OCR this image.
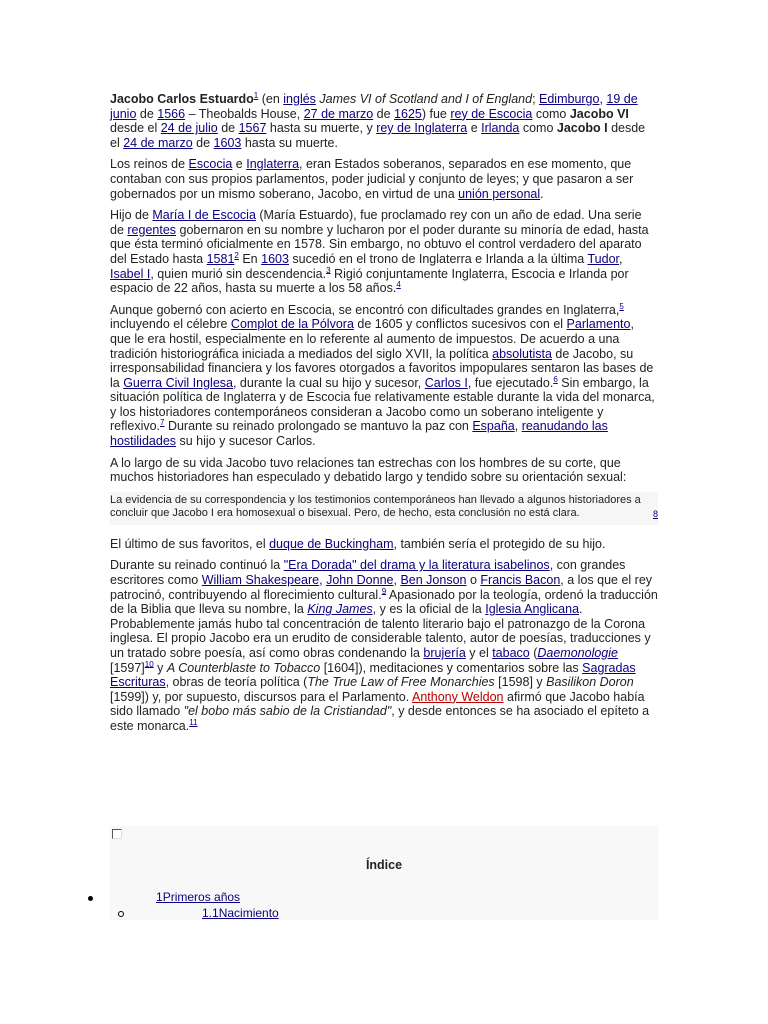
Jacobo Carlos Estuardo$^1$ (en inglés James VI of Scotland and I of England; Edimburgo, 19 de junio de 1566 – Theobalds House, 27 de marzo de 1625) fue rey de Escocia como Jacobo VI desde el 24 de julio de 1567 hasta su muerte, y rey de Inglaterra e Irlanda como Jacobo I desde el 24 de marzo de 1603 hasta su muerte.

Los reinos de Escocia e Inglaterra, eran Estados soberanos, separados en ese momento, que contaban con sus propios parlamentos, poder judicial y conjunto de leyes; y que pasaron a ser gobernados por un mismo soberano, Jacobo, en virtud de una unión personal.

Hijo de María I de Escocia (María Estuardo), fue proclamado rey con un año de edad. Una serie de regentes gobernaron en su nombre y lucharon por el poder durante su minoría de edad, hasta que ésta terminó oficialmente en 1578. Sin embargo, no obtuvo el control verdadero del aparato del Estado hasta 1581$^2$ En 1603 sucedió en el trono de Inglaterra e Irlanda a la última Tudor, Isabel I, quien murió sin descendencia.$^3$ Rigió conjuntamente Inglaterra, Escocia e Irlanda por espacio de 22 años, hasta su muerte a los 58 años.$^4$

Aunque gobernó con acierto en Escocia, se encontró con dificultades grandes en Inglaterra,$^5$ incluyendo el célebre Complot de la Pólvora de 1605 y conflictos sucesivos con el Parlamento, que le era hostil, especialmente en lo referente al aumento de impuestos. De acuerdo a una tradición historiográfica iniciada a mediados del siglo XVII, la política absolutista de Jacobo, su irresponsabilidad financiera y los favores otorgados a favoritos impopulares sentaron las bases de la Guerra Civil Inglesa, durante la cual su hijo y sucesor, Carlos I, fue ejecutado.$^6$ Sin embargo, la situación política de Inglaterra y de Escocia fue relativamente estable durante la vida del monarca, y los historiadores contemporáneos consideran a Jacobo como un soberano inteligente y reflexivo.$^7$ Durante su reinado prolongado se mantuvo la paz con España, reanudando las hostilidades su hijo y sucesor Carlos.

A lo largo de su vida Jacobo tuvo relaciones tan estrechas con los hombres de su corte, que muchos historiadores han especulado y debatido largo y tendido sobre su orientación sexual:

La evidencia de su correspondencia y los testimonios contemporáneos han llevado a algunos historiadores a concluir que Jacobo I era homosexual o bisexual. Pero, de hecho, esta conclusión no está clara.	8

El último de sus favoritos, el duque de Buckingham, también sería el protegido de su hijo.

Durante su reinado continuó la "Era Dorada" del drama y la literatura isabelinos, con grandes escritores como William Shakespeare, John Donne, Ben Jonson o Francis Bacon, a los que el rey patrocinó, contribuyendo al florecimiento cultural.$^9$ Apasionado por la teología, ordenó la traducción de la Biblia que lleva su nombre, la King James, y es la oficial de la Iglesia Anglicana. Probablemente jamás hubo tal concentración de talento literario bajo el patronazgo de la Corona inglesa. El propio Jacobo era un erudito de considerable talento, autor de poesías, traducciones y un tratado sobre poesía, así como obras condenando la brujería y el tabaco (Daemonologie [1597]$^{10}$ y A Counterblaste to Tobacco [1604]), meditaciones y comentarios sobre las Sagradas Escrituras, obras de teoría política (The True Law of Free Monarchies [1598] y Basilikon Doron [1599]) y, por supuesto, discursos para el Parlamento. Anthony Weldon afirmó que Jacobo había sido llamado "el bobo más sabio de la Cristiandad", y desde entonces se ha asociado el epíteto a este monarca.$^{11}$

Índice
1Primeros años
1.1Nacimiento
